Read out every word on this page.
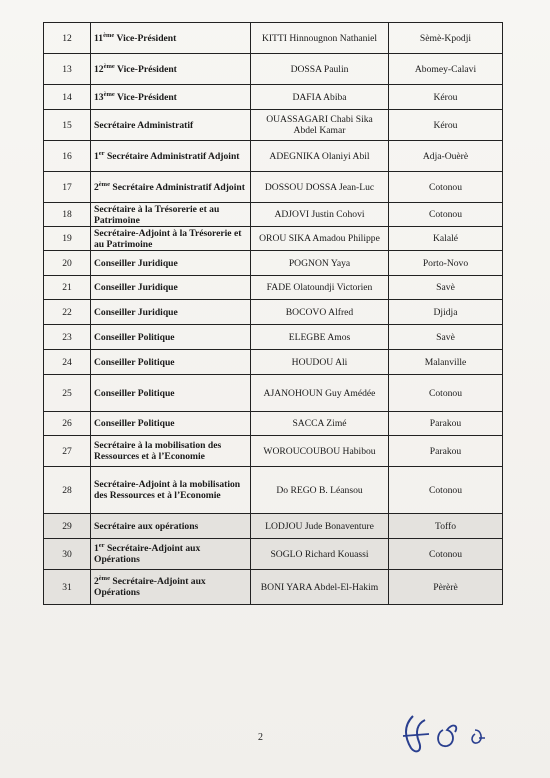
12	11ème Vice-Président	KITTI Hinnougnon Nathaniel	Sèmè-Kpodji
13	12ème Vice-Président	DOSSA Paulin	Abomey-Calavi
14	13ème Vice-Président	DAFIA Abiba	Kérou
15	Secrétaire Administratif	OUASSAGARI Chabi Sika Abdel Kamar	Kérou
16	1er Secrétaire Administratif Adjoint	ADEGNIKA Olaniyi Abil	Adja-Ouèrè
17	2ème Secrétaire Administratif Adjoint	DOSSOU DOSSA Jean-Luc	Cotonou
18	Secrétaire à la Trésorerie et au Patrimoine	ADJOVI Justin Cohovi	Cotonou
19	Secrétaire-Adjoint à la Trésorerie et au Patrimoine	OROU SIKA Amadou Philippe	Kalalé
20	Conseiller Juridique	POGNON Yaya	Porto-Novo
21	Conseiller Juridique	FADE Olatoundji Victorien	Savè
22	Conseiller Juridique	BOCOVO Alfred	Djidja
23	Conseiller Politique	ELEGBE Amos	Savè
24	Conseiller Politique	HOUDOU Ali	Malanville
25	Conseiller Politique	AJANOHOUN Guy Amédée	Cotonou
26	Conseiller Politique	SACCA Zimé	Parakou
27	Secrétaire à la mobilisation des Ressources et à l’Economie	WOROUCOUBOU Habibou	Parakou
28	Secrétaire-Adjoint à la mobilisation des Ressources et à l’Economie	Do REGO B. Léansou	Cotonou
29	Secrétaire aux opérations	LODJOU Jude Bonaventure	Toffo
30	1er Secrétaire-Adjoint aux Opérations	SOGLO Richard Kouassi	Cotonou
31	2ème Secrétaire-Adjoint aux Opérations	BONI YARA Abdel-El-Hakim	Pèrèrè
2
